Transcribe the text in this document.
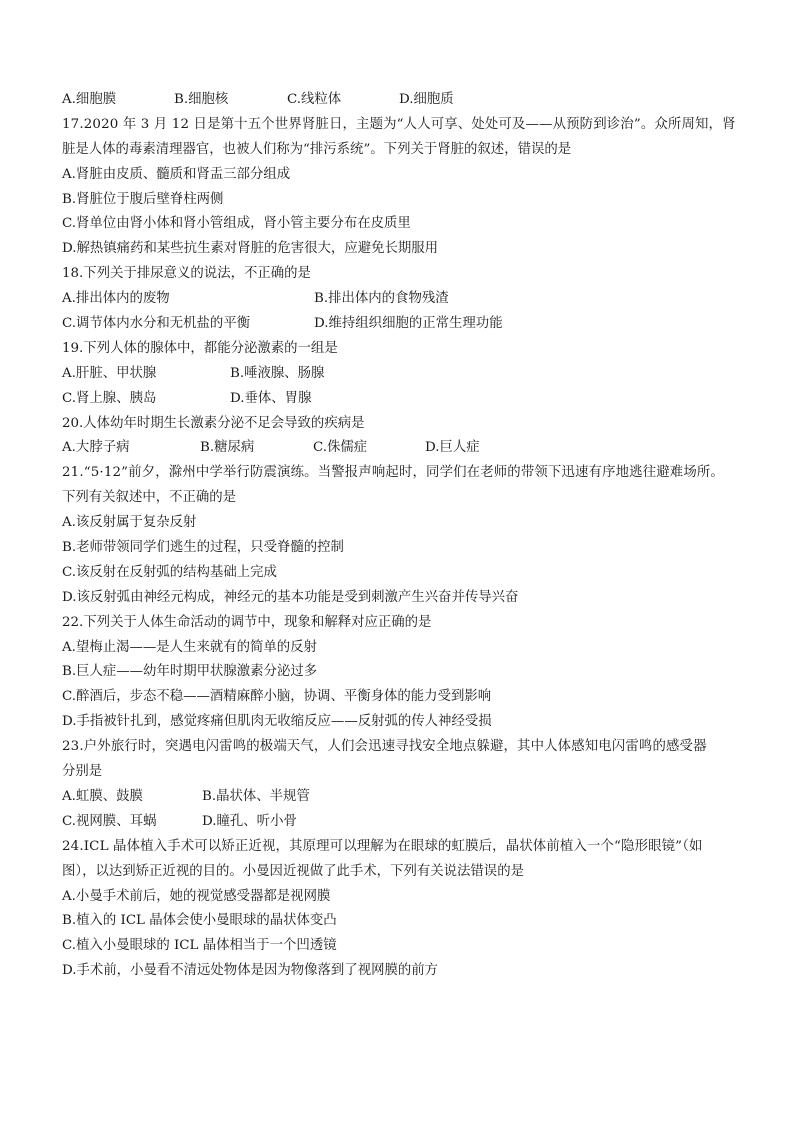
A.细胞膜	B.细胞核	C.线粒体	D.细胞质
17.2020 年 3 月 12 日是第十五个世界肾脏日，主题为“人人可享、处处可及——从预防到诊治”。众所周知，肾
脏是人体的毒素清理器官，也被人们称为“排污系统”。下列关于肾脏的叙述，错误的是
A.肾脏由皮质、髓质和肾盂三部分组成
B.肾脏位于腹后壁脊柱两侧
C.肾单位由肾小体和肾小管组成，肾小管主要分布在皮质里
D.解热镇痛药和某些抗生素对肾脏的危害很大，应避免长期服用
18.下列关于排尿意义的说法，不正确的是
A.排出体内的废物	B.排出体内的食物残渣
C.调节体内水分和无机盐的平衡	D.维持组织细胞的正常生理功能
19.下列人体的腺体中，都能分泌激素的一组是
A.肝脏、甲状腺	B.唾液腺、肠腺
C.肾上腺、胰岛	D.垂体、胃腺
20.人体幼年时期生长激素分泌不足会导致的疾病是
A.大脖子病	B.糖尿病	C.侏儒症	D.巨人症
21.“5·12”前夕，滁州中学举行防震演练。当警报声响起时，同学们在老师的带领下迅速有序地逃往避难场所。
下列有关叙述中，不正确的是
A.该反射属于复杂反射
B.老师带领同学们逃生的过程，只受脊髓的控制
C.该反射在反射弧的结构基础上完成
D.该反射弧由神经元构成，神经元的基本功能是受到刺激产生兴奋并传导兴奋
22.下列关于人体生命活动的调节中，现象和解释对应正确的是
A.望梅止渴——是人生来就有的简单的反射
B.巨人症——幼年时期甲状腺激素分泌过多
C.醉酒后，步态不稳——酒精麻醉小脑，协调、平衡身体的能力受到影响
D.手指被针扎到，感觉疼痛但肌肉无收缩反应——反射弧的传人神经受损
23.户外旅行时，突遇电闪雷鸣的极端天气，人们会迅速寻找安全地点躲避，其中人体感知电闪雷鸣的感受器
分别是
A.虹膜、鼓膜	B.晶状体、半规管
C.视网膜、耳蜗	D.瞳孔、听小骨
24.ICL 晶体植入手术可以矫正近视，其原理可以理解为在眼球的虹膜后，晶状体前植入一个“隐形眼镜”（如
图），以达到矫正近视的目的。小曼因近视做了此手术，下列有关说法错误的是
A.小曼手术前后，她的视觉感受器都是视网膜
B.植入的 ICL 晶体会使小曼眼球的晶状体变凸
C.植入小曼眼球的 ICL 晶体相当于一个凹透镜
D.手术前，小曼看不清远处物体是因为物像落到了视网膜的前方
